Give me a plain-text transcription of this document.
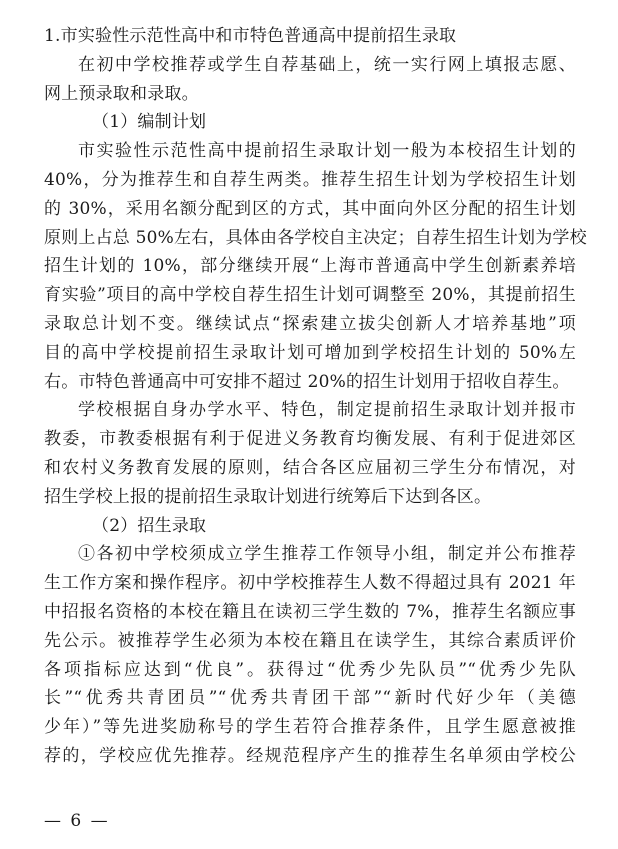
1.市实验性示范性高中和市特色普通高中提前招生录取
在初中学校推荐或学生自荐基础上，统一实行网上填报志愿、
网上预录取和录取。
（1）编制计划
市实验性示范性高中提前招生录取计划一般为本校招生计划的
40%，分为推荐生和自荐生两类。推荐生招生计划为学校招生计划
的 30%，采用名额分配到区的方式，其中面向外区分配的招生计划
原则上占总 50%左右，具体由各学校自主决定；自荐生招生计划为学校
招生计划的 10%，部分继续开展“上海市普通高中学生创新素养培
育实验”项目的高中学校自荐生招生计划可调整至 20%，其提前招生
录取总计划不变。继续试点“探索建立拔尖创新人才培养基地”项
目的高中学校提前招生录取计划可增加到学校招生计划的 50%左
右。市特色普通高中可安排不超过 20%的招生计划用于招收自荐生。
学校根据自身办学水平、特色，制定提前招生录取计划并报市
教委，市教委根据有利于促进义务教育均衡发展、有利于促进郊区
和农村义务教育发展的原则，结合各区应届初三学生分布情况，对
招生学校上报的提前招生录取计划进行统筹后下达到各区。
（2）招生录取
①各初中学校须成立学生推荐工作领导小组，制定并公布推荐
生工作方案和操作程序。初中学校推荐生人数不得超过具有 2021 年
中招报名资格的本校在籍且在读初三学生数的 7%，推荐生名额应事
先公示。被推荐学生必须为本校在籍且在读学生，其综合素质评价
各项指标应达到“优良”。获得过“优秀少先队员”“优秀少先队
长”“优秀共青团员”“优秀共青团干部”“新时代好少年（美德
少年）”等先进奖励称号的学生若符合推荐条件，且学生愿意被推
荐的，学校应优先推荐。经规范程序产生的推荐生名单须由学校公
— 6 —
